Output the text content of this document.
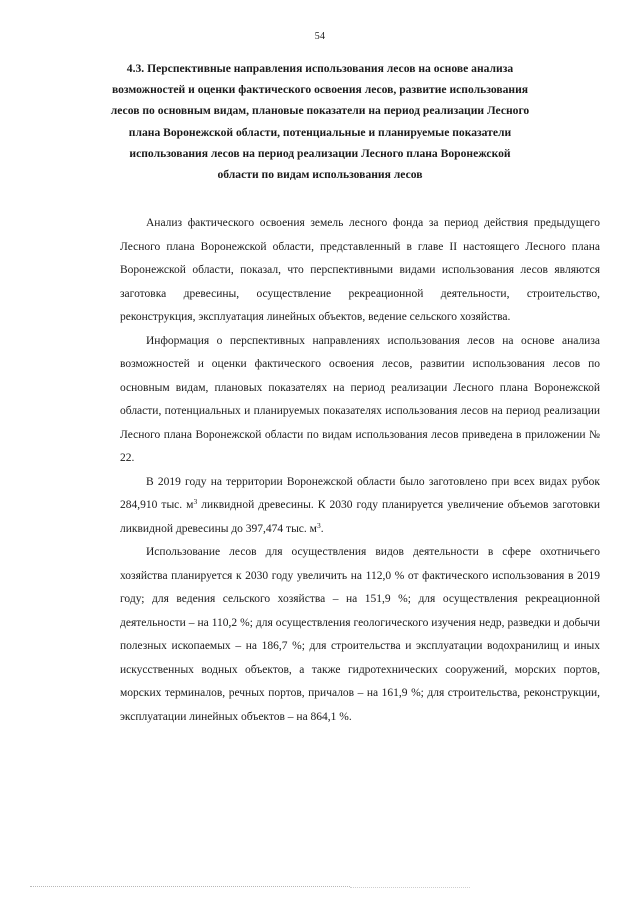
54
4.3. Перспективные направления использования лесов на основе анализа
возможностей и оценки фактического освоения лесов, развитие использования
лесов по основным видам, плановые показатели на период реализации Лесного
плана Воронежской области, потенциальные и планируемые показатели
использования лесов на период реализации Лесного плана Воронежской
области по видам использования лесов

Анализ фактического освоения земель лесного фонда за период действия предыдущего Лесного плана Воронежской области, представленный в главе II настоящего Лесного плана Воронежской области, показал, что перспективными видами использования лесов являются заготовка древесины, осуществление рекреационной деятельности, строительство, реконструкция, эксплуатация линейных объектов, ведение сельского хозяйства.

Информация о перспективных направлениях использования лесов на основе анализа возможностей и оценки фактического освоения лесов, развитии использования лесов по основным видам, плановых показателях на период реализации Лесного плана Воронежской области, потенциальных и планируемых показателях использования лесов на период реализации Лесного плана Воронежской области по видам использования лесов приведена в приложении № 22.

В 2019 году на территории Воронежской области было заготовлено при всех видах рубок 284,910 тыс. $м^3$ ликвидной древесины. К 2030 году планируется увеличение объемов заготовки ликвидной древесины до 397,474 тыс. $м^3$.

Использование лесов для осуществления видов деятельности в сфере охотничьего хозяйства планируется к 2030 году увеличить на 112,0 % от фактического использования в 2019 году; для ведения сельского хозяйства – на 151,9 %; для осуществления рекреационной деятельности – на 110,2 %; для осуществления геологического изучения недр, разведки и добычи полезных ископаемых – на 186,7 %; для строительства и эксплуатации водохранилищ и иных искусственных водных объектов, а также гидротехнических сооружений, морских портов, морских терминалов, речных портов, причалов – на 161,9 %; для строительства, реконструкции, эксплуатации линейных объектов – на 864,1 %.
